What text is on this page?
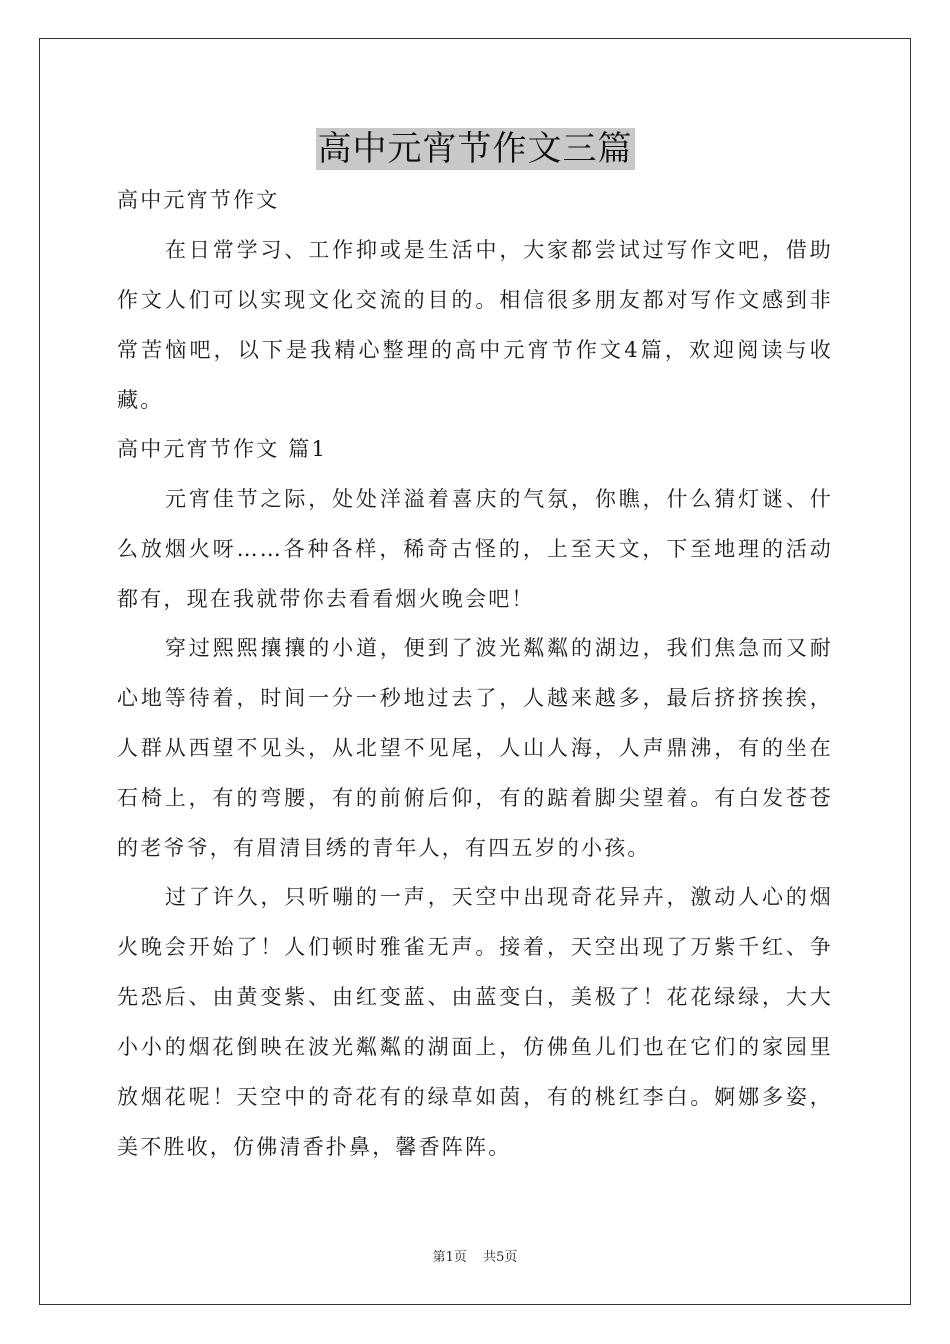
高中元宵节作文三篇
高中元宵节作文
在日常学习、工作抑或是生活中，大家都尝试过写作文吧，借助作文人们可以实现文化交流的目的。相信很多朋友都对写作文感到非常苦恼吧，以下是我精心整理的高中元宵节作文4篇，欢迎阅读与收藏。
高中元宵节作文 篇1
元宵佳节之际，处处洋溢着喜庆的气氛，你瞧，什么猜灯谜、什么放烟火呀……各种各样，稀奇古怪的，上至天文，下至地理的活动都有，现在我就带你去看看烟火晚会吧！
穿过熙熙攘攘的小道，便到了波光粼粼的湖边，我们焦急而又耐心地等待着，时间一分一秒地过去了，人越来越多，最后挤挤挨挨，人群从西望不见头，从北望不见尾，人山人海，人声鼎沸，有的坐在石椅上，有的弯腰，有的前俯后仰，有的踮着脚尖望着。有白发苍苍的老爷爷，有眉清目绣的青年人，有四五岁的小孩。
过了许久，只听嘣的一声，天空中出现奇花异卉，激动人心的烟火晚会开始了！人们顿时雅雀无声。接着，天空出现了万紫千红、争先恐后、由黄变紫、由红变蓝、由蓝变白，美极了！花花绿绿，大大小小的烟花倒映在波光粼粼的湖面上，仿佛鱼儿们也在它们的家园里放烟花呢！天空中的奇花有的绿草如茵，有的桃红李白。婀娜多姿，美不胜收，仿佛清香扑鼻，馨香阵阵。
第1页 共5页
